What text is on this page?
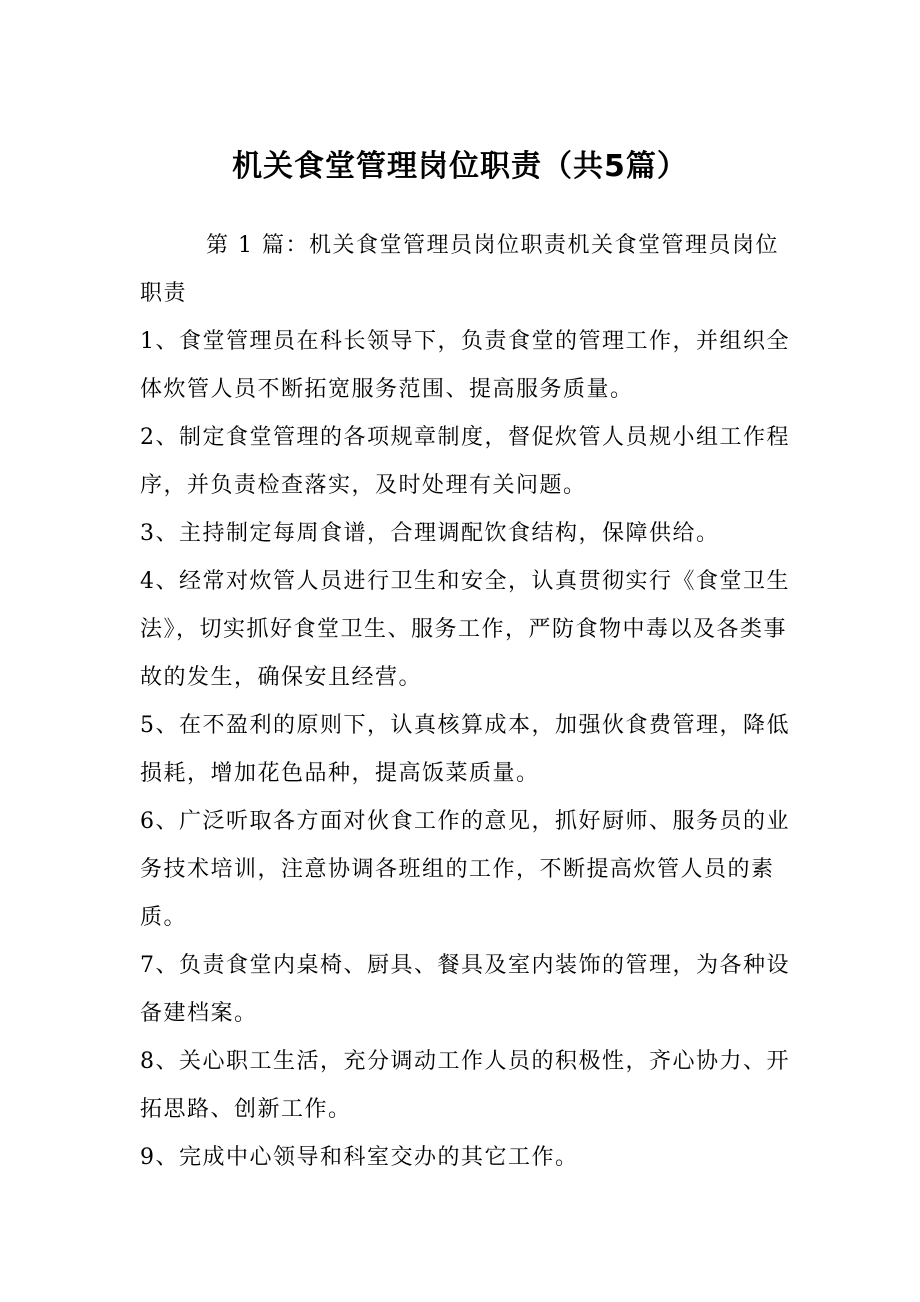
机关食堂管理岗位职责（共5篇）

第 1 篇：机关食堂管理员岗位职责机关食堂管理员岗位职责

1、食堂管理员在科长领导下，负责食堂的管理工作，并组织全体炊管人员不断拓宽服务范围、提高服务质量。

2、制定食堂管理的各项规章制度，督促炊管人员规小组工作程序，并负责检查落实，及时处理有关问题。

3、主持制定每周食谱，合理调配饮食结构，保障供给。

4、经常对炊管人员进行卫生和安全，认真贯彻实行《食堂卫生法》，切实抓好食堂卫生、服务工作，严防食物中毒以及各类事故的发生，确保安且经营。

5、在不盈利的原则下，认真核算成本，加强伙食费管理，降低损耗，增加花色品种，提高饭菜质量。

6、广泛听取各方面对伙食工作的意见，抓好厨师、服务员的业务技术培训，注意协调各班组的工作，不断提高炊管人员的素质。

7、负责食堂内桌椅、厨具、餐具及室内装饰的管理，为各种设备建档案。

8、关心职工生活，充分调动工作人员的积极性，齐心协力、开拓思路、创新工作。

9、完成中心领导和科室交办的其它工作。
